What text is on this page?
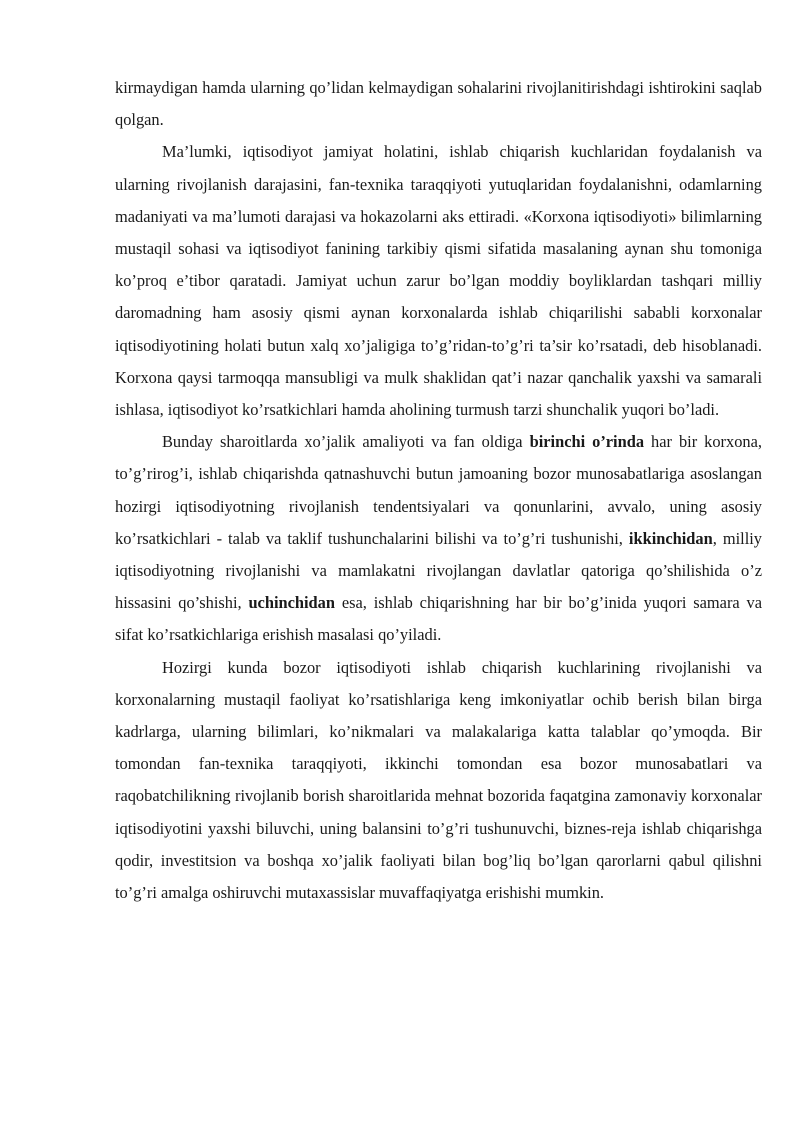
kirmaydigan hamda ularning qo’lidan kelmaydigan sohalarini rivojlanitirishdagi ishtirokini saqlab qolgan.

Ma’lumki, iqtisodiyot jamiyat holatini, ishlab chiqarish kuchlaridan foydalanish va ularning rivojlanish darajasini, fan-texnika taraqqiyoti yutuqlaridan foydalanishni, odamlarning madaniyati va ma’lumoti darajasi va hokazolarni aks ettiradi. «Korxona iqtisodiyoti» bilimlarning mustaqil sohasi va iqtisodiyot fanining tarkibiy qismi sifatida masalaning aynan shu tomoniga ko’proq e’tibor qaratadi. Jamiyat uchun zarur bo’lgan moddiy boyliklardan tashqari milliy daromadning ham asosiy qismi aynan korxonalarda ishlab chiqarilishi sababli korxonalar iqtisodiyotining holati butun xalq xo’jaligiga to’g’ridan-to’g’ri ta’sir ko’rsatadi, deb hisoblanadi. Korxona qaysi tarmoqqa mansubligi va mulk shaklidan qat’i nazar qanchalik yaxshi va samarali ishlasa, iqtisodiyot ko’rsatkichlari hamda aholining turmush tarzi shunchalik yuqori bo’ladi.

Bunday sharoitlarda xo’jalik amaliyoti va fan oldiga birinchi o’rinda har bir korxona, to’g’rirog’i, ishlab chiqarishda qatnashuvchi butun jamoaning bozor munosabatlariga asoslangan hozirgi iqtisodiyotning rivojlanish tendentsiyalari va qonunlarini, avvalo, uning asosiy ko’rsatkichlari - talab va taklif tushunchalarini bilishi va to’g’ri tushunishi, ikkinchidan, milliy iqtisodiyotning rivojlanishi va mamlakatni rivojlangan davlatlar qatoriga qo’shilishida o’z hissasini qo’shishi, uchinchidan esa, ishlab chiqarishning har bir bo’g’inida yuqori samara va sifat ko’rsatkichlariga erishish masalasi qo’yiladi.

Hozirgi kunda bozor iqtisodiyoti ishlab chiqarish kuchlarining rivojlanishi va korxonalarning mustaqil faoliyat ko’rsatishlariga keng imkoniyatlar ochib berish bilan birga kadrlarga, ularning bilimlari, ko’nikmalari va malakalariga katta talablar qo’ymoqda. Bir tomondan fan-texnika taraqqiyoti, ikkinchi tomondan esa bozor munosabatlari va raqobatchilikning rivojlanib borish sharoitlarida mehnat bozorida faqatgina zamonaviy korxonalar iqtisodiyotini yaxshi biluvchi, uning balansini to’g’ri tushunuvchi, biznes-reja ishlab chiqarishga qodir, investitsion va boshqa xo’jalik faoliyati bilan bog’liq bo’lgan qarorlarni qabul qilishni to’g’ri amalga oshiruvchi mutaxassislar muvaffaqiyatga erishishi mumkin.
